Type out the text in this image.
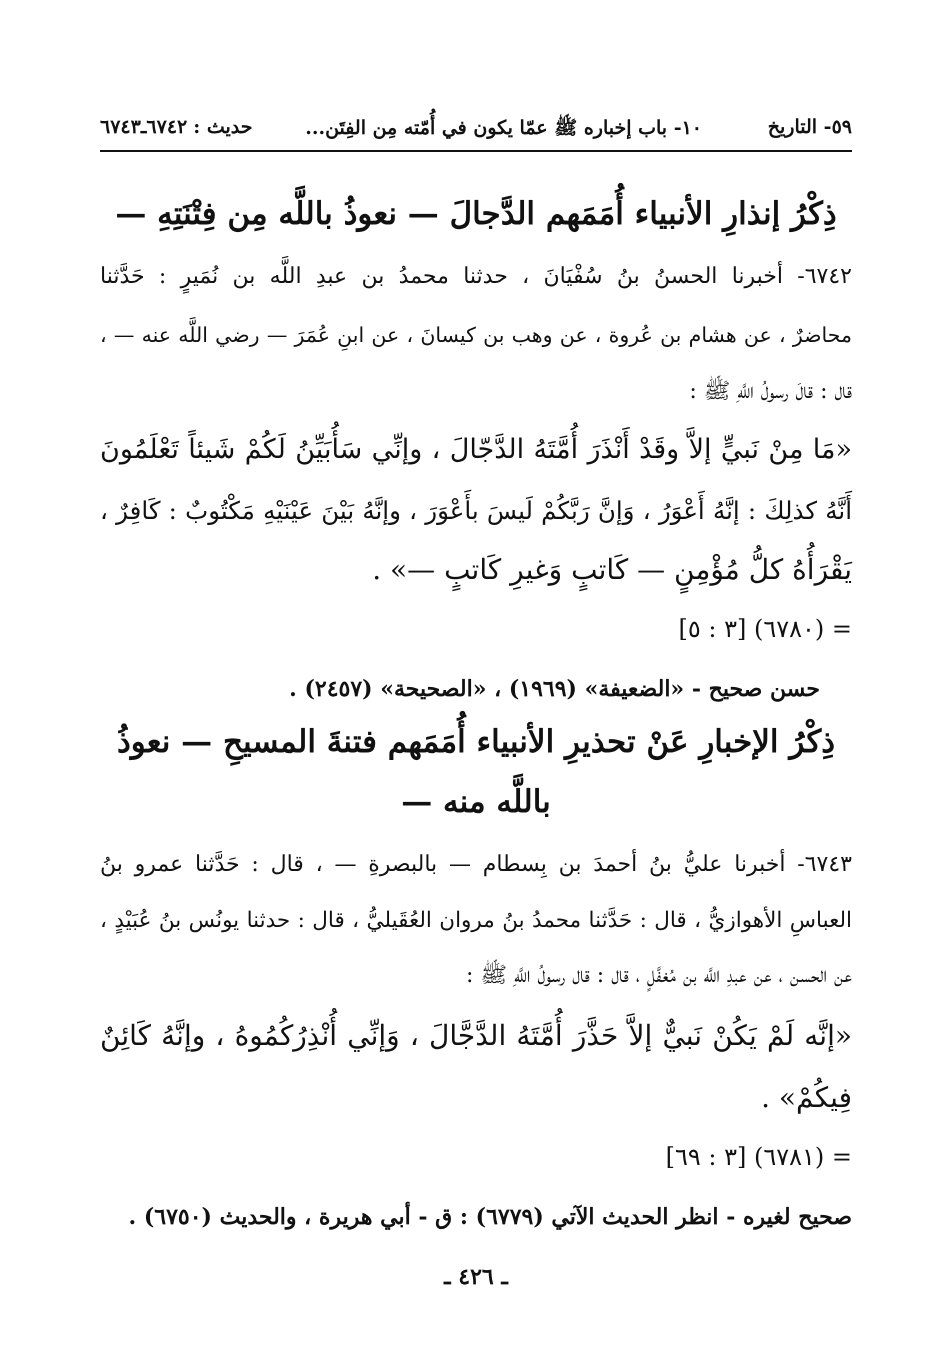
٥٩- التاريخ
١٠- باب إخباره ﷺ عمّا يكون في أُمّته مِن الفِتَن...
حديث :٦٧٤٢ـ٦٧٤٣
ذِكْرُ إنذارِ الأنبياء أُمَمَهم الدَّجالَ — نعوذُ باللَّه مِن فِتْنَتِهِ —
٦٧٤٢- أخبرنا الحسنُ بنُ سُفْيَانَ ، حدثنا محمدُ بن عبدِ اللَّه بن نُمَيرٍ : حَدَّثنا
محاضرٌ ، عن هشام بن عُروة ، عن وهب بن كيسانَ ، عن ابنِ عُمَرَ — رضي اللَّه عنه — ،
قال : قالَ رسولُ اللَّهِ ﷺ :
«مَا مِنْ نَبيٍّ إلاَّ وقَدْ أَنْذَرَ أُمَّتَهُ الدَّجّالَ ، وإنِّي سَأُبَيِّنُ لَكُمْ شَيئاً تَعْلَمُونَ
أَنَّهُ كذلِكَ : إنَّهُ أَعْوَرُ ، وَإنَّ رَبَّكُمْ لَيسَ بأَعْوَرَ ، وإنَّهُ بَيْنَ عَيْنَيْهِ مَكْتُوبٌ : كَافِرٌ ،
يَقْرَأُهُ كلُّ مُؤْمِنٍ — كَاتبٍ وَغيرِ كَاتبٍ —» .
= (٦٧٨٠) [٣ : ٥]
حسن صحيح - «الضعيفة» (١٩٦٩) ، «الصحيحة» (٢٤٥٧) .
ذِكْرُ الإخبارِ عَنْ تحذيرِ الأنبياء أُمَمَهم فتنةَ المسيحِ — نعوذُ
باللَّه منه —
٦٧٤٣- أخبرنا عليُّ بنُ أحمدَ بن بِسطام — بالبصرةِ — ، قال : حَدَّثنا عمرو بنُ
العباسِ الأهوازيُّ ، قال : حَدَّثنا محمدُ بنُ مروان العُقَيليُّ ، قال : حدثنا يونُس بنُ عُبَيْدٍ ،
عن الحسن ، عن عبدِ اللَّه بن مُغفَّلٍ ، قال : قال رسولُ اللَّهِ ﷺ :
«إنَّه لَمْ يَكُنْ نَبيٌّ إلاَّ حَذَّرَ أُمَّتَهُ الدَّجَّالَ ، وَإنِّي أُنْذِرُكُمُوهُ ، وإنَّهُ كَائِنٌ
فِيكُمْ» .
= (٦٧٨١) [٣ : ٦٩]
صحيح لغيره - انظر الحديث الآتي (٦٧٧٩) : ق - أبي هريرة ، والحديث (٦٧٥٠) .
ـ ٤٢٦ ـ
